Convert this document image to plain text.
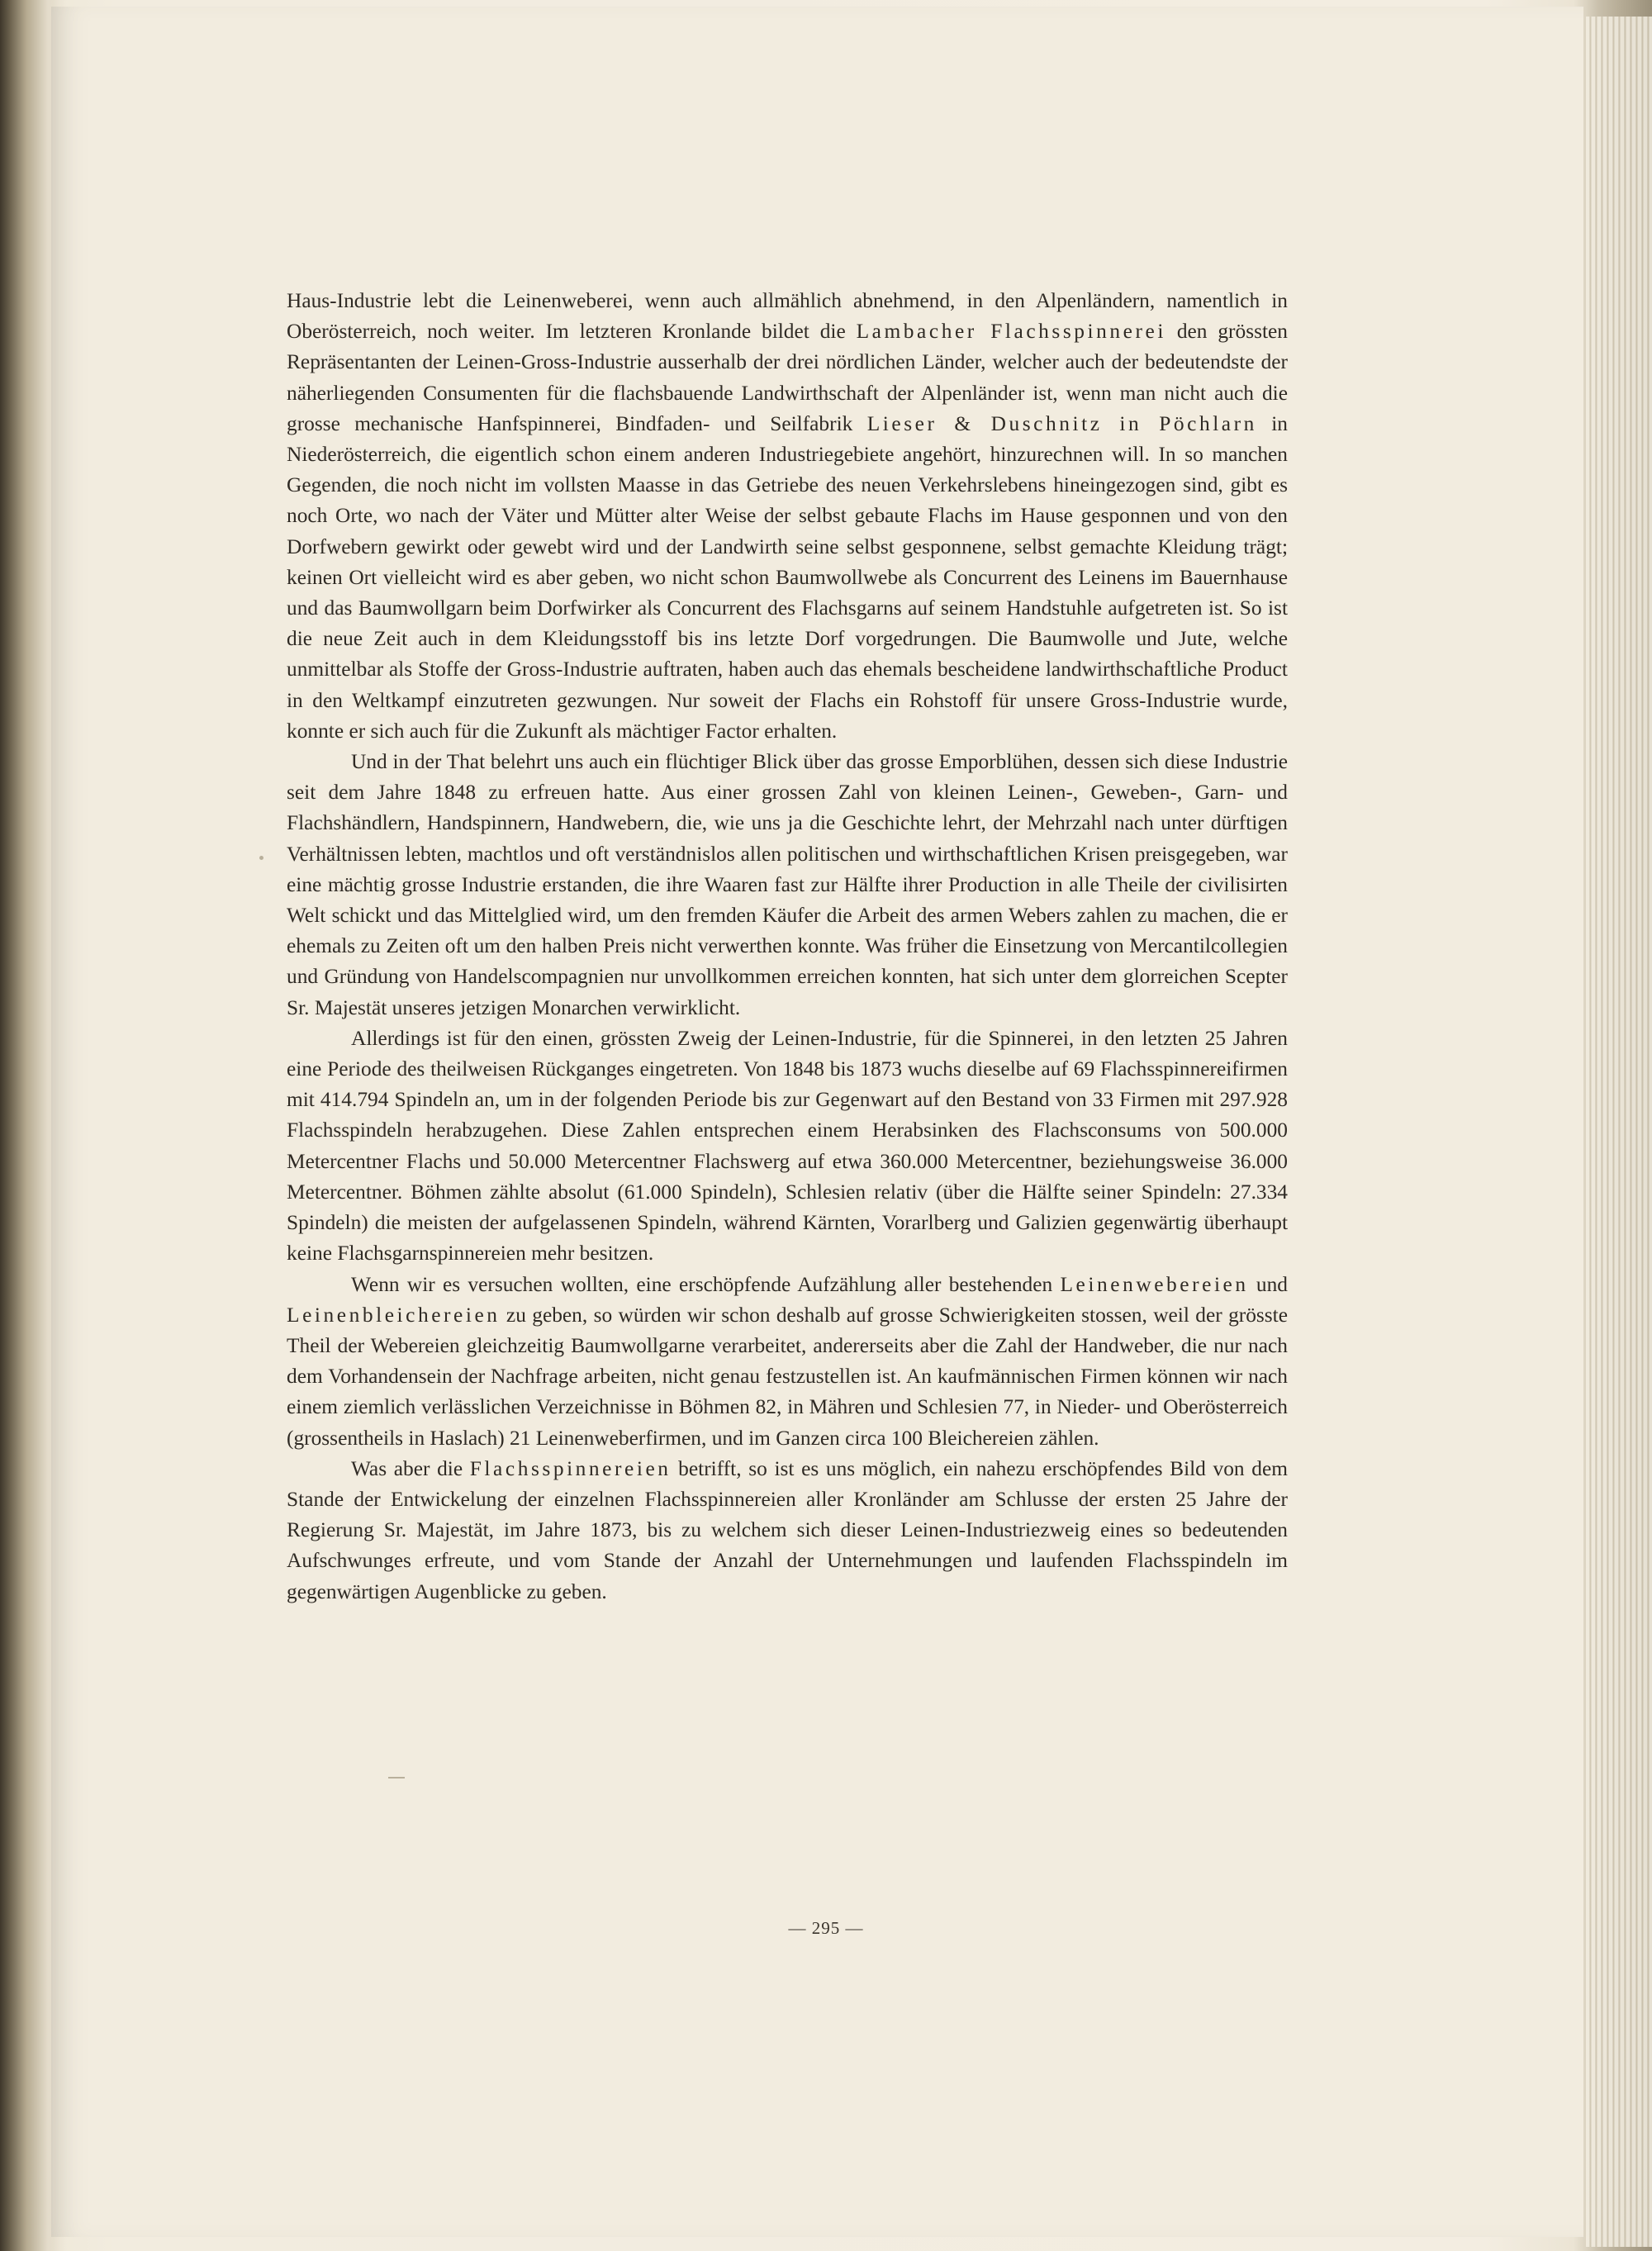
Haus-Industrie lebt die Leinenweberei, wenn auch allmählich abnehmend, in den Alpenländern, namentlich in Oberösterreich, noch weiter. Im letzteren Kronlande bildet die Lambacher Flachsspinnerei den grössten Repräsentanten der Leinen-Gross-Industrie ausserhalb der drei nördlichen Länder, welcher auch der bedeutendste der näherliegenden Consumenten für die flachsbauende Landwirthschaft der Alpenländer ist, wenn man nicht auch die grosse mechanische Hanfspinnerei, Bindfaden- und Seilfabrik Lieser & Duschnitz in Pöchlarn in Niederösterreich, die eigentlich schon einem anderen Industriegebiete angehört, hinzurechnen will. In so manchen Gegenden, die noch nicht im vollsten Maasse in das Getriebe des neuen Verkehrslebens hineingezogen sind, gibt es noch Orte, wo nach der Väter und Mütter alter Weise der selbst gebaute Flachs im Hause gesponnen und von den Dorfwebern gewirkt oder gewebt wird und der Landwirth seine selbst gesponnene, selbst gemachte Kleidung trägt; keinen Ort vielleicht wird es aber geben, wo nicht schon Baumwollwebe als Concurrent des Leinens im Bauernhause und das Baumwollgarn beim Dorfwirker als Concurrent des Flachsgarns auf seinem Handstuhle aufgetreten ist. So ist die neue Zeit auch in dem Kleidungsstoff bis ins letzte Dorf vorgedrungen. Die Baumwolle und Jute, welche unmittelbar als Stoffe der Gross-Industrie auftraten, haben auch das ehemals bescheidene landwirthschaftliche Product in den Weltkampf einzutreten gezwungen. Nur soweit der Flachs ein Rohstoff für unsere Gross-Industrie wurde, konnte er sich auch für die Zukunft als mächtiger Factor erhalten.

Und in der That belehrt uns auch ein flüchtiger Blick über das grosse Emporblühen, dessen sich diese Industrie seit dem Jahre 1848 zu erfreuen hatte. Aus einer grossen Zahl von kleinen Leinen-, Geweben-, Garn- und Flachshändlern, Handspinnern, Handwebern, die, wie uns ja die Geschichte lehrt, der Mehrzahl nach unter dürftigen Verhältnissen lebten, machtlos und oft verständnislos allen politischen und wirthschaftlichen Krisen preisgegeben, war eine mächtig grosse Industrie erstanden, die ihre Waaren fast zur Hälfte ihrer Production in alle Theile der civilisirten Welt schickt und das Mittelglied wird, um den fremden Käufer die Arbeit des armen Webers zahlen zu machen, die er ehemals zu Zeiten oft um den halben Preis nicht verwerthen konnte. Was früher die Einsetzung von Mercantilcollegien und Gründung von Handelscompagnien nur unvollkommen erreichen konnten, hat sich unter dem glorreichen Scepter Sr. Majestät unseres jetzigen Monarchen verwirklicht.

Allerdings ist für den einen, grössten Zweig der Leinen-Industrie, für die Spinnerei, in den letzten 25 Jahren eine Periode des theilweisen Rückganges eingetreten. Von 1848 bis 1873 wuchs dieselbe auf 69 Flachsspinnereifirmen mit 414.794 Spindeln an, um in der folgenden Periode bis zur Gegenwart auf den Bestand von 33 Firmen mit 297.928 Flachsspindeln herabzugehen. Diese Zahlen entsprechen einem Herabsinken des Flachsconsums von 500.000 Metercentner Flachs und 50.000 Metercentner Flachswerg auf etwa 360.000 Metercentner, beziehungsweise 36.000 Metercentner. Böhmen zählte absolut (61.000 Spindeln), Schlesien relativ (über die Hälfte seiner Spindeln: 27.334 Spindeln) die meisten der aufgelassenen Spindeln, während Kärnten, Vorarlberg und Galizien gegenwärtig überhaupt keine Flachsgarnspinnereien mehr besitzen.

Wenn wir es versuchen wollten, eine erschöpfende Aufzählung aller bestehenden Leinenwebereien und Leinenbleichereien zu geben, so würden wir schon deshalb auf grosse Schwierigkeiten stossen, weil der grösste Theil der Webereien gleichzeitig Baumwollgarne verarbeitet, andererseits aber die Zahl der Handweber, die nur nach dem Vorhandensein der Nachfrage arbeiten, nicht genau festzustellen ist. An kaufmännischen Firmen können wir nach einem ziemlich verlässlichen Verzeichnisse in Böhmen 82, in Mähren und Schlesien 77, in Nieder- und Oberösterreich (grossentheils in Haslach) 21 Leinenweberfirmen, und im Ganzen circa 100 Bleichereien zählen.

Was aber die Flachsspinnereien betrifft, so ist es uns möglich, ein nahezu erschöpfendes Bild von dem Stande der Entwickelung der einzelnen Flachsspinnereien aller Kronländer am Schlusse der ersten 25 Jahre der Regierung Sr. Majestät, im Jahre 1873, bis zu welchem sich dieser Leinen-Industriezweig eines so bedeutenden Aufschwunges erfreute, und vom Stande der Anzahl der Unternehmungen und laufenden Flachsspindeln im gegenwärtigen Augenblicke zu geben.

— 295 —
